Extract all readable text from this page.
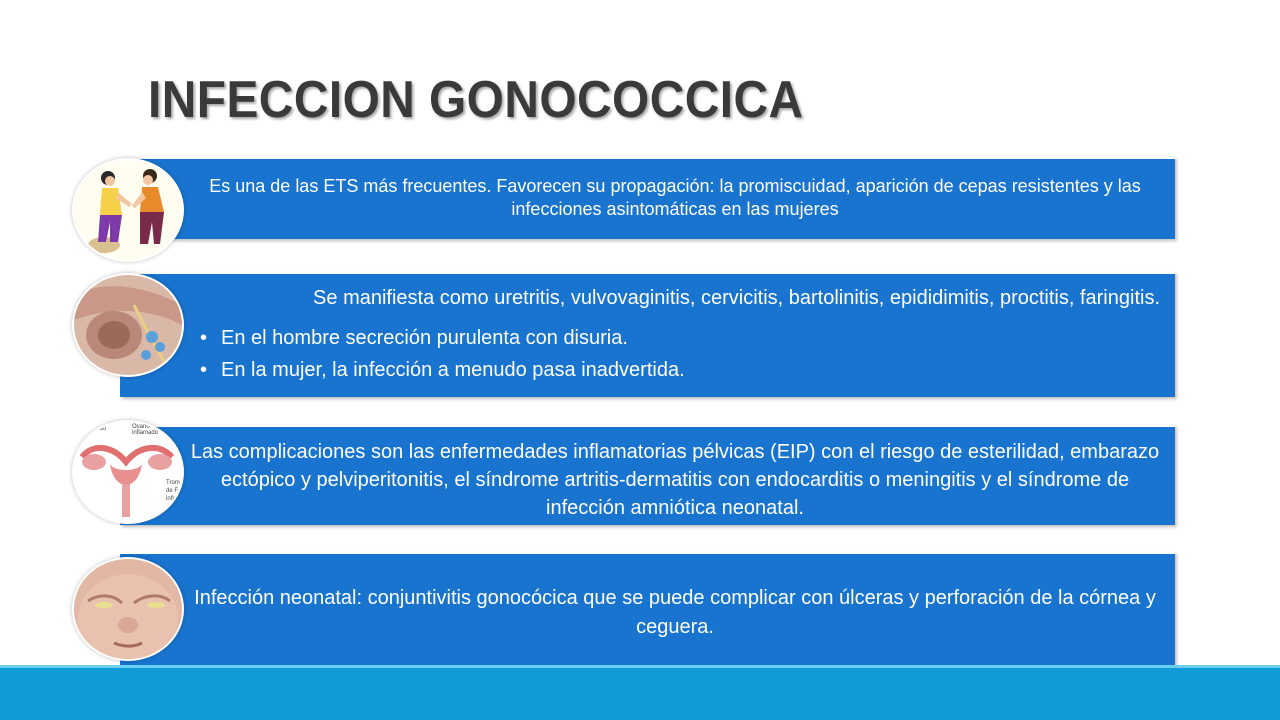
INFECCION GONOCOCCICA
Es una de las ETS más frecuentes. Favorecen su propagación: la promiscuidad, aparición de cepas resistentes y las infecciones asintomáticas en las mujeres
Se manifiesta como uretritis, vulvovaginitis, cervicitis, bartolinitis, epididimitis, proctitis, faringitis.
• En el hombre secreción purulenta con disuria.
• En la mujer, la infección a menudo pasa inadvertida.
Las complicaciones son las enfermedades inflamatorias pélvicas (EIP) con el riesgo de esterilidad, embarazo ectópico y pelviperitonitis, el síndrome artritis-dermatitis con endocarditis o meningitis y el síndrome de infección amniótica neonatal.
inflamado	Ovario
inflamado
Trom
de F
infla
Infección neonatal: conjuntivitis gonocócica que se puede complicar con úlceras y perforación de la córnea y ceguera.
